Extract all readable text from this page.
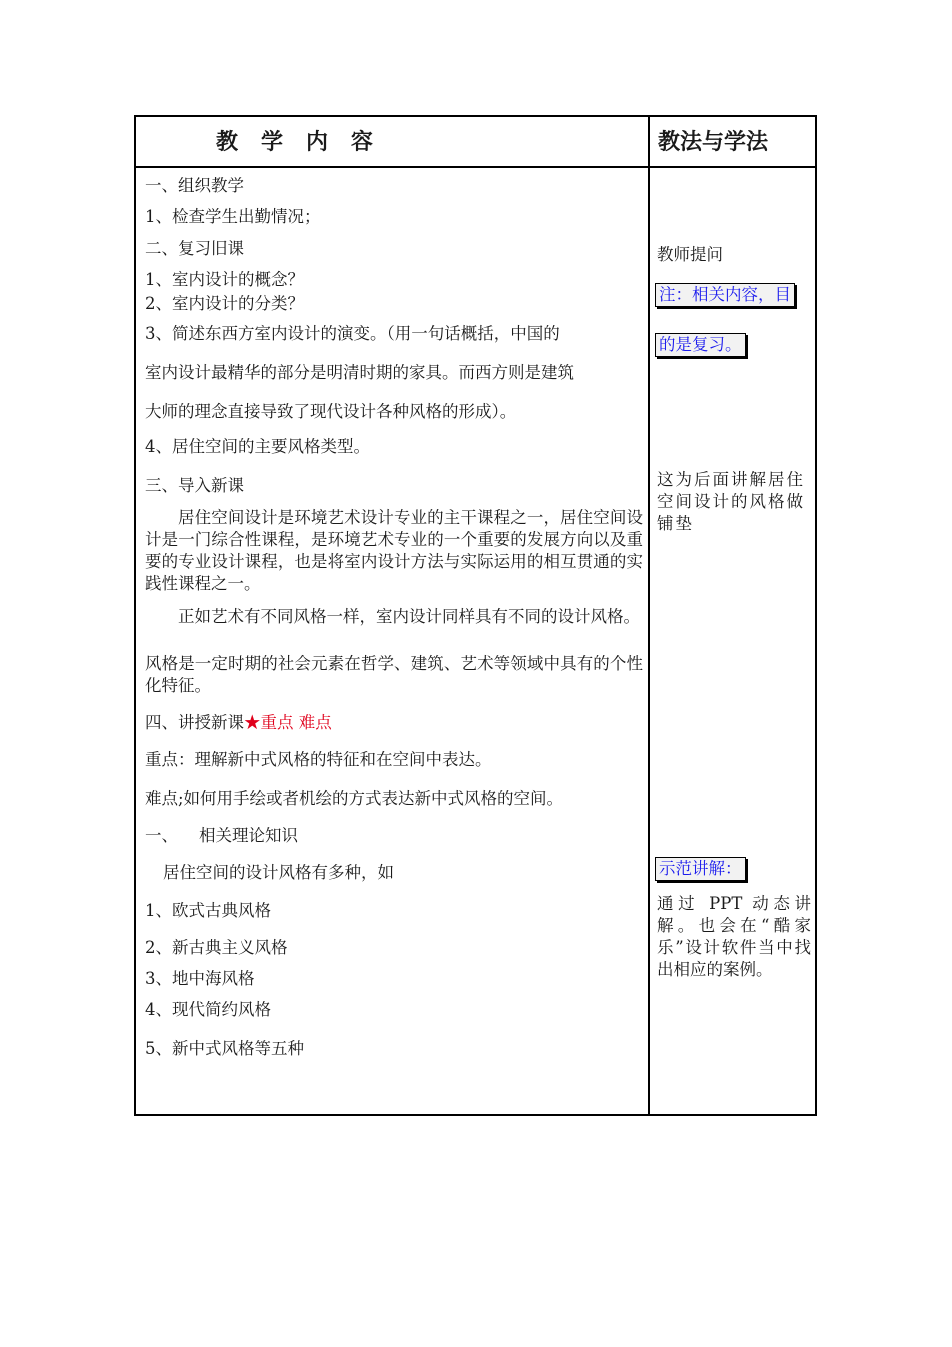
教   学   内   容	教法与学法
一、组织教学
1、检查学生出勤情况；
二、复习旧课
1、室内设计的概念？
2、室内设计的分类？
3、简述东西方室内设计的演变。（用一句话概括，中国的
室内设计最精华的部分是明清时期的家具。而西方则是建筑
大师的理念直接导致了现代设计各种风格的形成）。
4、居住空间的主要风格类型。
三、导入新课
居住空间设计是环境艺术设计专业的主干课程之一，居住空间设计是一门综合性课程，是环境艺术专业的一个重要的发展方向以及重要的专业设计课程，也是将室内设计方法与实际运用的相互贯通的实践性课程之一。
正如艺术有不同风格一样，室内设计同样具有不同的设计风格。
风格是一定时期的社会元素在哲学、建筑、艺术等领域中具有的个性化特征。
四、讲授新课★重点 难点
重点：理解新中式风格的特征和在空间中表达。
难点;如何用手绘或者机绘的方式表达新中式风格的空间。
一、    相关理论知识
居住空间的设计风格有多种，如
1、欧式古典风格
2、新古典主义风格
3、地中海风格
4、现代简约风格
5、新中式风格等五种
教师提问
注：相关内容，目
的是复习。
这为后面讲解居住空间设计的风格做铺垫
示范讲解：
通过 PPT 动态讲解。也会在“酷家乐”设计软件当中找出相应的案例。
